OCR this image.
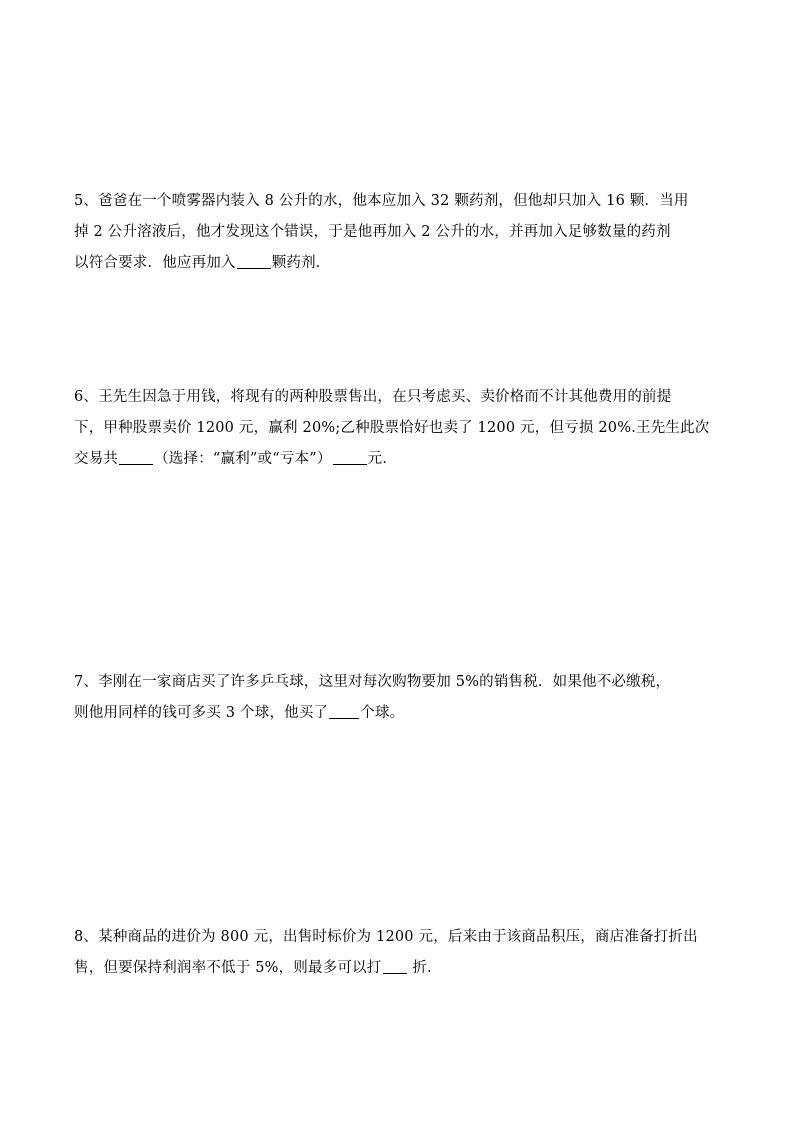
5、爸爸在一个喷雾器内装入 8 公升的水，他本应加入 32 颗药剂，但他却只加入 16 颗．当用
掉 2 公升溶液后，他才发现这个错误，于是他再加入 2 公升的水，并再加入足够数量的药剂
以符合要求．他应再加入 颗药剂．
6、王先生因急于用钱，将现有的两种股票售出，在只考虑买、卖价格而不计其他费用的前提
下，甲种股票卖价 1200 元，赢利 20%;乙种股票恰好也卖了 1200 元，但亏损 20%.王先生此次
交易共 （选择：“赢利”或“亏本”） 元.
7、李刚在一家商店买了许多乒乓球，这里对每次购物要加 5%的销售税．如果他不必缴税，
则他用同样的钱可多买 3 个球，他买了 个球。
8、某种商品的进价为 800 元，出售时标价为 1200 元，后来由于该商品积压，商店准备打折出
售，但要保持利润率不低于 5%，则最多可以打 折.
